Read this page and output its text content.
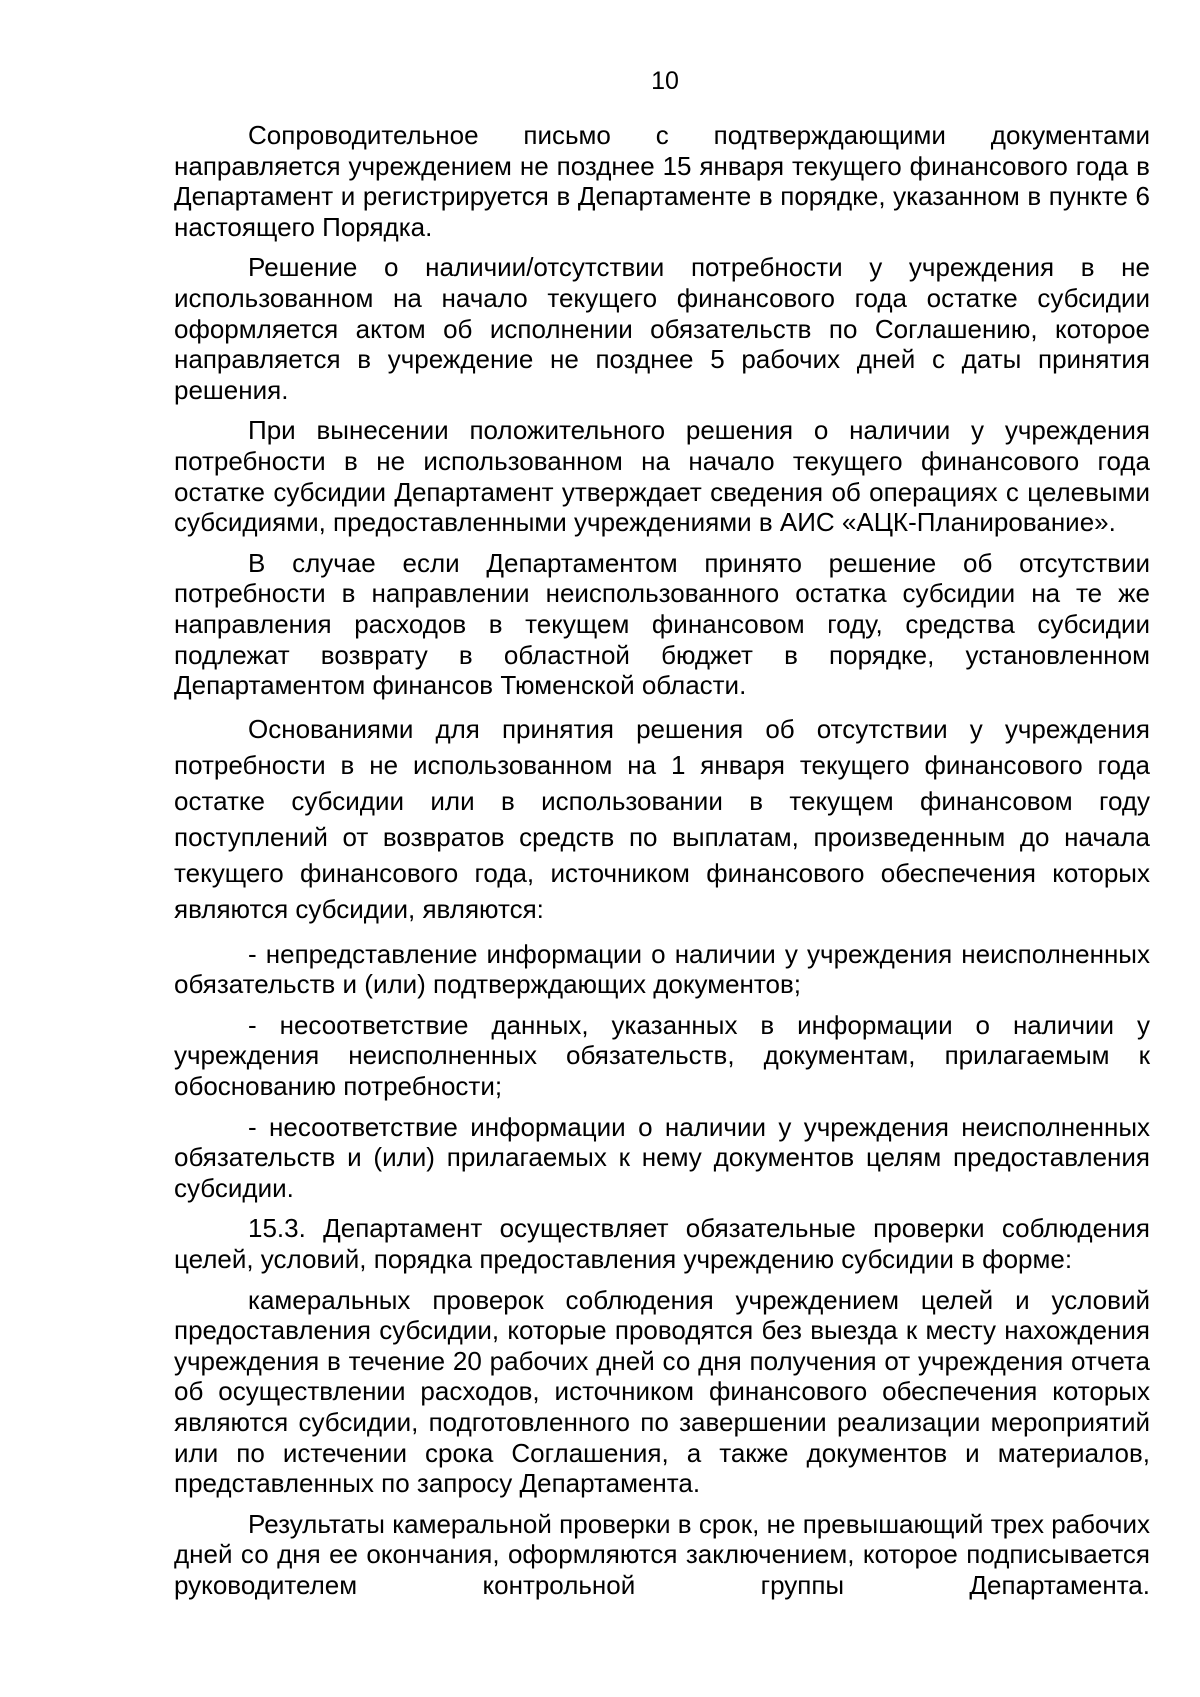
10

Сопроводительное письмо с подтверждающими документами направляется учреждением не позднее 15 января текущего финансового года в Департамент и регистрируется в Департаменте в порядке, указанном в пункте 6 настоящего Порядка.

Решение о наличии/отсутствии потребности у учреждения в не использованном на начало текущего финансового года остатке субсидии оформляется актом об исполнении обязательств по Соглашению, которое направляется в учреждение не позднее 5 рабочих дней с даты принятия решения.

При вынесении положительного решения о наличии у учреждения потребности в не использованном на начало текущего финансового года остатке субсидии Департамент утверждает сведения об операциях с целевыми субсидиями, предоставленными учреждениями в АИС «АЦК-Планирование».

В случае если Департаментом принято решение об отсутствии потребности в направлении неиспользованного остатка субсидии на те же направления расходов в текущем финансовом году, средства субсидии подлежат возврату в областной бюджет в порядке, установленном Департаментом финансов Тюменской области.

Основаниями для принятия решения об отсутствии у учреждения потребности в не использованном на 1 января текущего финансового года остатке субсидии или в использовании в текущем финансовом году поступлений от возвратов средств по выплатам, произведенным до начала текущего финансового года, источником финансового обеспечения которых являются субсидии, являются:

- непредставление информации о наличии у учреждения неисполненных обязательств и (или) подтверждающих документов;

- несоответствие данных, указанных в информации о наличии у учреждения неисполненных обязательств, документам, прилагаемым к обоснованию потребности;

- несоответствие информации о наличии у учреждения неисполненных обязательств и (или) прилагаемых к нему документов целям предоставления субсидии.

15.3. Департамент осуществляет обязательные проверки соблюдения целей, условий, порядка предоставления учреждению субсидии в форме:

камеральных проверок соблюдения учреждением целей и условий предоставления субсидии, которые проводятся без выезда к месту нахождения учреждения в течение 20 рабочих дней со дня получения от учреждения отчета об осуществлении расходов, источником финансового обеспечения которых являются субсидии, подготовленного по завершении реализации мероприятий или по истечении срока Соглашения, а также документов и материалов, представленных по запросу Департамента.

Результаты камеральной проверки в срок, не превышающий трех рабочих дней со дня ее окончания, оформляются заключением, которое подписывается руководителем контрольной группы Департамента.
